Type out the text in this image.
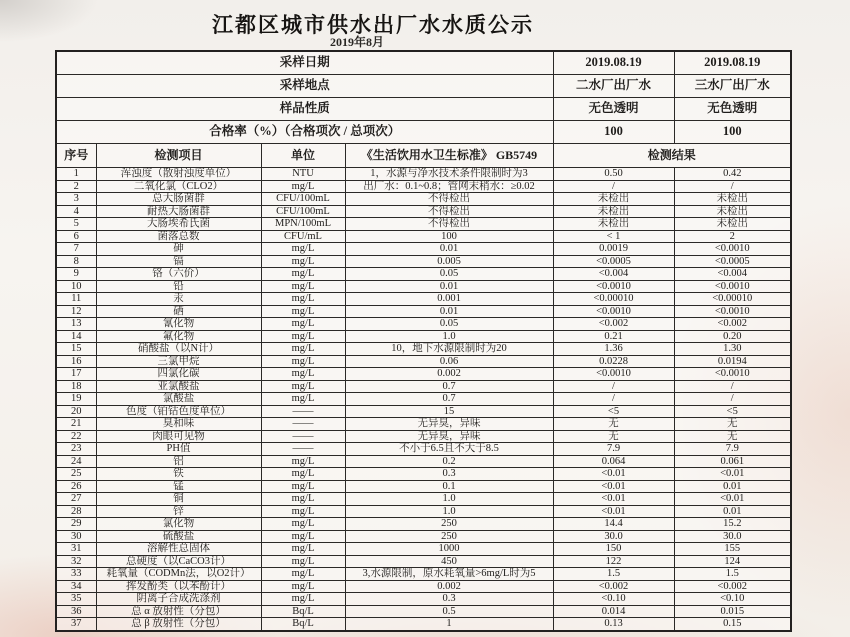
江都区城市供水出厂水水质公示
2019年8月
采样日期				2019.08.19	2019.08.19
采样地点				二水厂出厂水	三水厂出厂水
样品性质				无色透明	无色透明
合格率（%）（合格项次 / 总项次）				100	100
序号	检测项目	单位	《生活饮用水卫生标准》 GB5749	检测结果	
1	浑浊度（散射浊度单位）	NTU	1，水源与净水技术条件限制时为3	0.50	0.42
2	二氧化氯（CLO2）	mg/L	出厂水：0.1~0.8；管网末稍水：≥0.02	/	/
3	总大肠菌群	CFU/100mL	不得检出	未检出	未检出
4	耐热大肠菌群	CFU/100mL	不得检出	未检出	未检出
5	大肠埃希氏菌	MPN/100mL	不得检出	未检出	未检出
6	菌落总数	CFU/mL	100	< 1	2
7	砷	mg/L	0.01	0.0019	<0.0010
8	镉	mg/L	0.005	<0.0005	<0.0005
9	铬（六价）	mg/L	0.05	<0.004	<0.004
10	铅	mg/L	0.01	<0.0010	<0.0010
11	汞	mg/L	0.001	<0.00010	<0.00010
12	硒	mg/L	0.01	<0.0010	<0.0010
13	氰化物	mg/L	0.05	<0.002	<0.002
14	氟化物	mg/L	1.0	0.21	0.20
15	硝酸盐（以N计）	mg/L	10，地下水源限制时为20	1.36	1.30
16	三氯甲烷	mg/L	0.06	0.0228	0.0194
17	四氯化碳	mg/L	0.002	<0.0010	<0.0010
18	亚氯酸盐	mg/L	0.7	/	/
19	氯酸盐	mg/L	0.7	/	/
20	色度（铂钴色度单位）	——	15	<5	<5
21	臭和味	——	无异臭，异味	无	无
22	肉眼可见物	——	无异臭，异味	无	无
23	PH值	——	不小于6.5且不大于8.5	7.9	7.9
24	铝	mg/L	0.2	0.064	0.061
25	铁	mg/L	0.3	<0.01	<0.01
26	锰	mg/L	0.1	<0.01	0.01
27	铜	mg/L	1.0	<0.01	<0.01
28	锌	mg/L	1.0	<0.01	0.01
29	氯化物	mg/L	250	14.4	15.2
30	硫酸盐	mg/L	250	30.0	30.0
31	溶解性总固体	mg/L	1000	150	155
32	总硬度（以CaCO3计）	mg/L	450	122	124
33	耗氧量（CODMn法，以O2计）	mg/L	3,水源限制，原水耗氧量>6mg/L时为5	1.5	1.5
34	挥发酚类（以苯酚计）	mg/L	0.002	<0.002	<0.002
35	阴离子合成洗涤剂	mg/L	0.3	<0.10	<0.10
36	总 α 放射性（分包）	Bq/L	0.5	0.014	0.015
37	总 β 放射性（分包）	Bq/L	1	0.13	0.15
